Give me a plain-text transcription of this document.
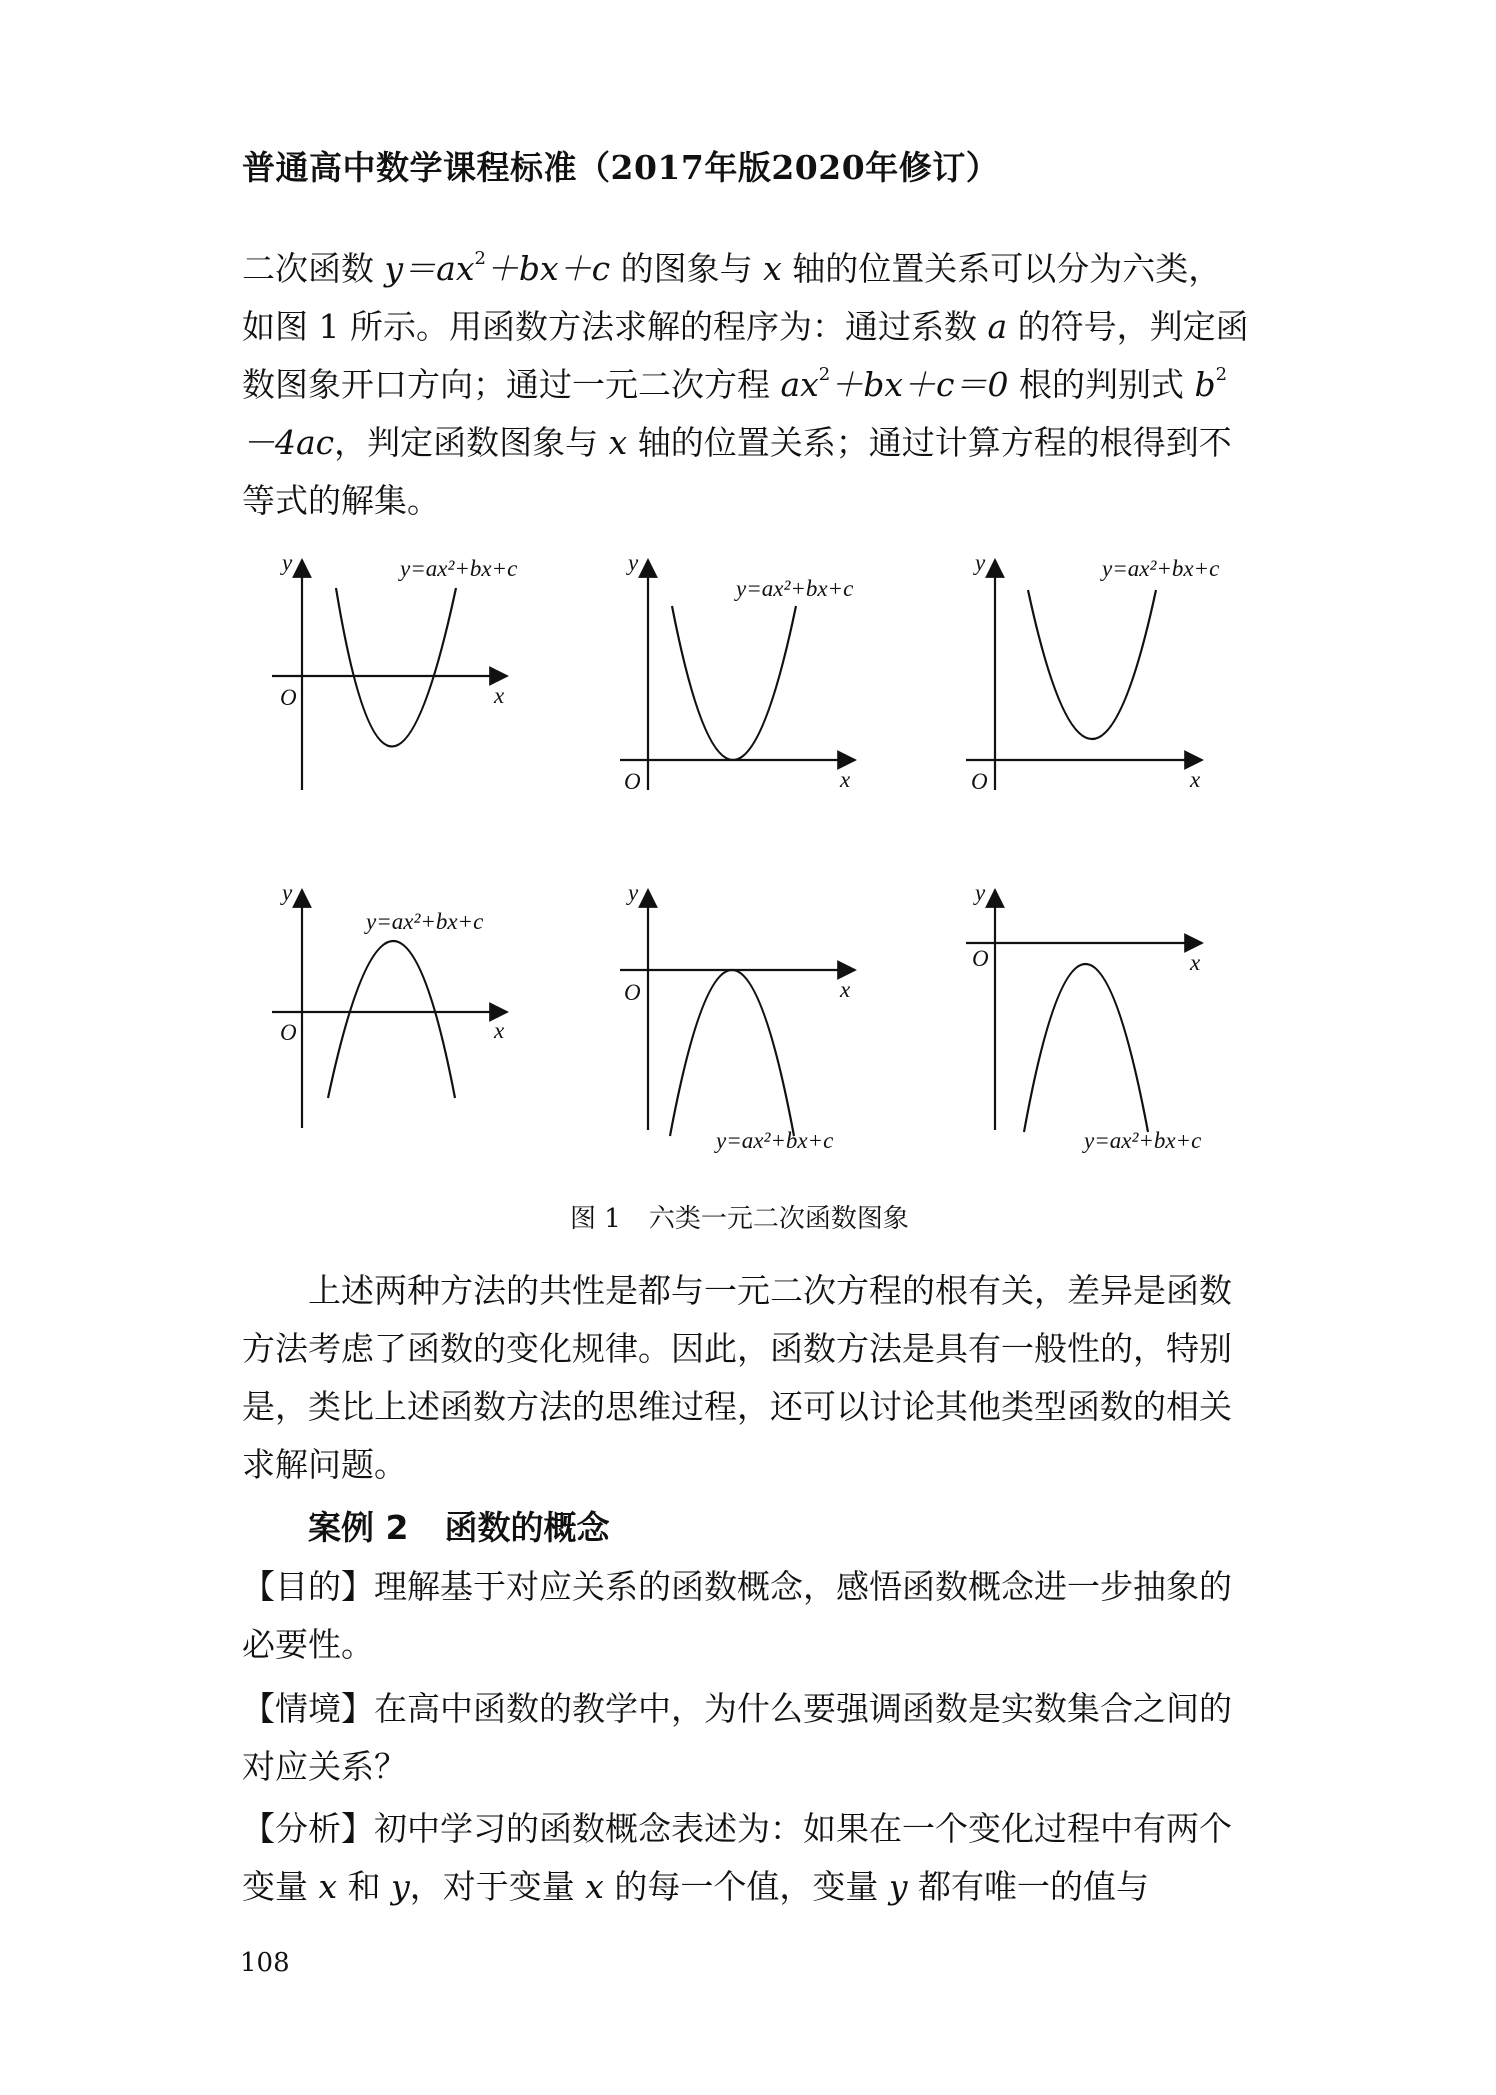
普通高中数学课程标准（2017年版2020年修订）
二次函数 $y=ax^2+bx+c$ 的图象与 x 轴的位置关系可以分为六类，如图 1 所示。用函数方法求解的程序为：通过系数 a 的符号，判定函数图象开口方向；通过一元二次方程 $ax^2+bx+c=0$ 根的判别式 $b^2-4ac$，判定函数图象与 x 轴的位置关系；通过计算方程的根得到不等式的解集。
y
x
O
y=ax²+bx+c	y
x
O
y=ax²+bx+c
y
x
O
y=ax²+bx+c
y
x
O
y=ax²+bx+c
y
x
O
y=ax²+bx+c
y
x
O
y=ax²+bx+c
图 1 六类一元二次函数图象
上述两种方法的共性是都与一元二次方程的根有关，差异是函数方法考虑了函数的变化规律。因此，函数方法是具有一般性的，特别是，类比上述函数方法的思维过程，还可以讨论其他类型函数的相关求解问题。
案例 2 函数的概念
【目的】理解基于对应关系的函数概念，感悟函数概念进一步抽象的必要性。
【情境】在高中函数的教学中，为什么要强调函数是实数集合之间的对应关系？
【分析】初中学习的函数概念表述为：如果在一个变化过程中有两个变量 x 和 y，对于变量 x 的每一个值，变量 y 都有唯一的值与
108
